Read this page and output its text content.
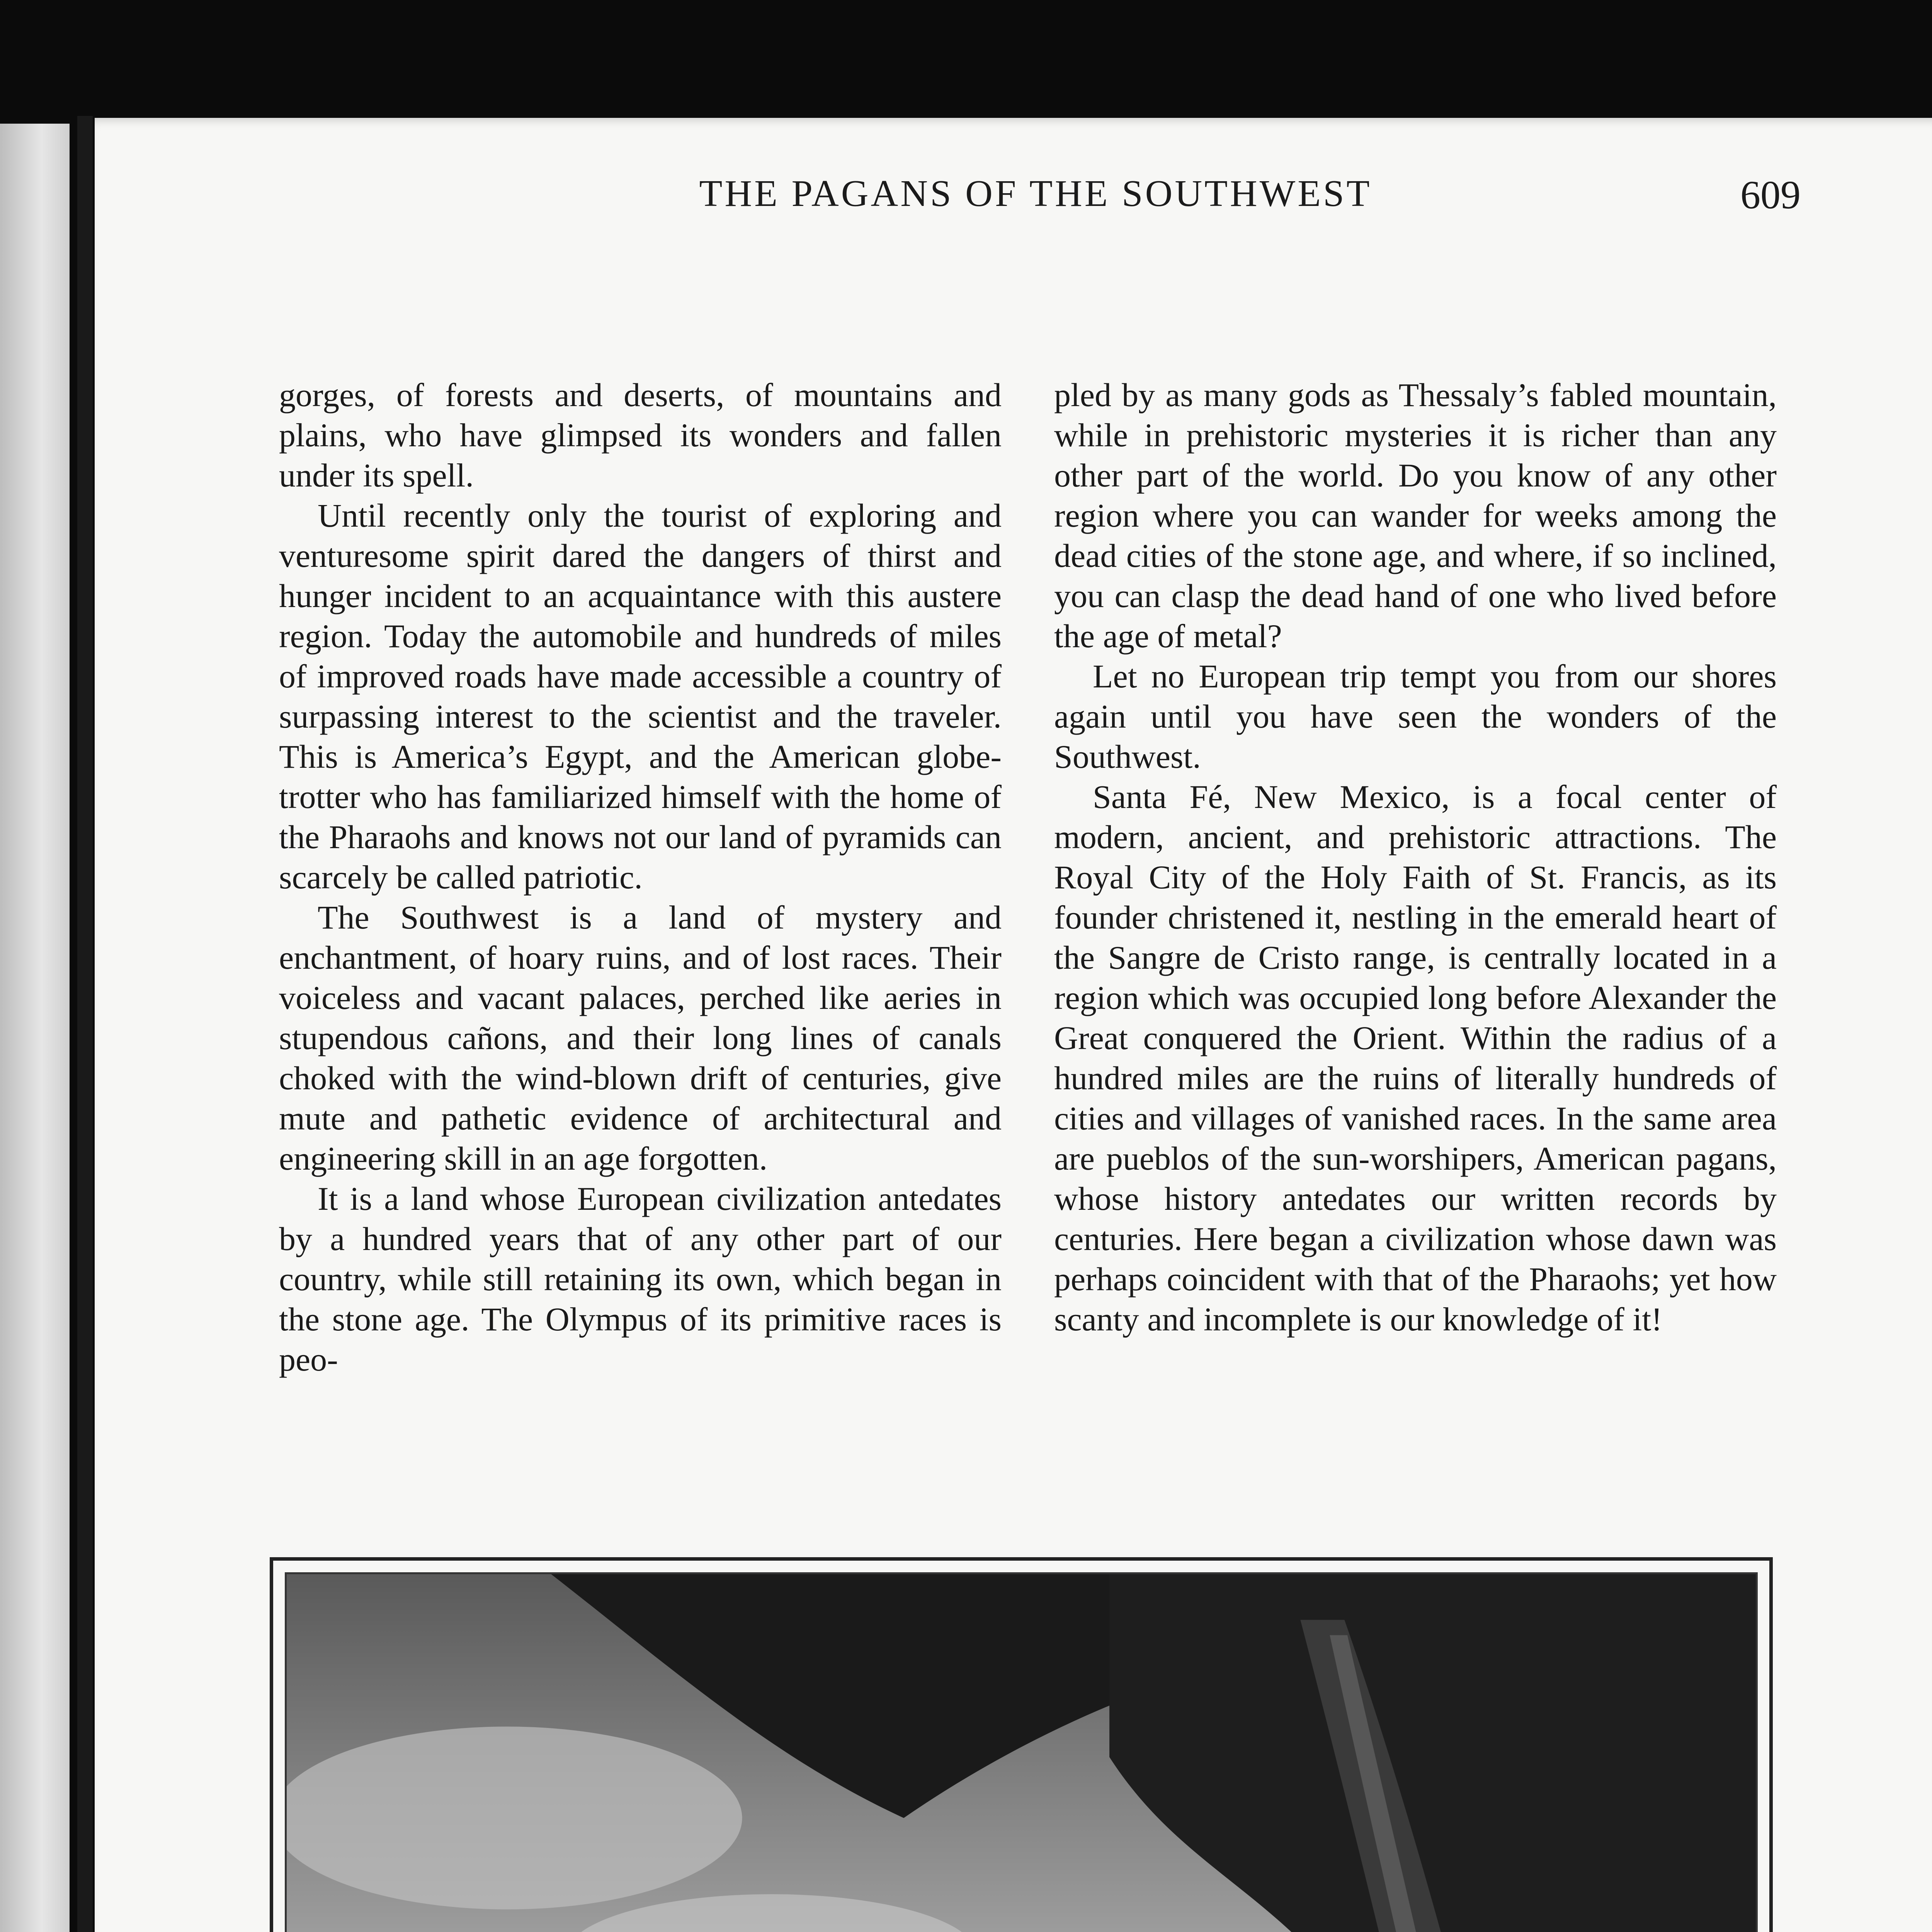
THE PAGANS OF THE SOUTHWEST	609

gorges, of forests and deserts, of mountains and plains, who have glimpsed its wonders and fallen under its spell.

Until recently only the tourist of exploring and venturesome spirit dared the dangers of thirst and hunger incident to an acquaintance with this austere region. Today the automobile and hundreds of miles of improved roads have made accessible a country of surpassing interest to the scientist and the traveler. This is America’s Egypt, and the American globe-trotter who has familiarized himself with the home of the Pharaohs and knows not our land of pyramids can scarcely be called patriotic.

The Southwest is a land of mystery and enchantment, of hoary ruins, and of lost races. Their voiceless and vacant palaces, perched like aeries in stupendous cañons, and their long lines of canals choked with the wind-blown drift of centuries, give mute and pathetic evidence of architectural and engineering skill in an age forgotten.

It is a land whose European civilization antedates by a hundred years that of any other part of our country, while still retaining its own, which began in the stone age. The Olympus of its primitive races is peo-

pled by as many gods as Thessaly’s fabled mountain, while in prehistoric mysteries it is richer than any other part of the world. Do you know of any other region where you can wander for weeks among the dead cities of the stone age, and where, if so inclined, you can clasp the dead hand of one who lived before the age of metal?

Let no European trip tempt you from our shores again until you have seen the wonders of the Southwest.

Santa Fé, New Mexico, is a focal center of modern, ancient, and prehistoric attractions. The Royal City of the Holy Faith of St. Francis, as its founder christened it, nestling in the emerald heart of the Sangre de Cristo range, is centrally located in a region which was occupied long before Alexander the Great conquered the Orient. Within the radius of a hundred miles are the ruins of literally hundreds of cities and villages of vanished races. In the same area are pueblos of the sun-worshipers, American pagans, whose history antedates our written records by centuries. Here began a civilization whose dawn was perhaps coincident with that of the Pharaohs; yet how scanty and incomplete is our knowledge of it!
